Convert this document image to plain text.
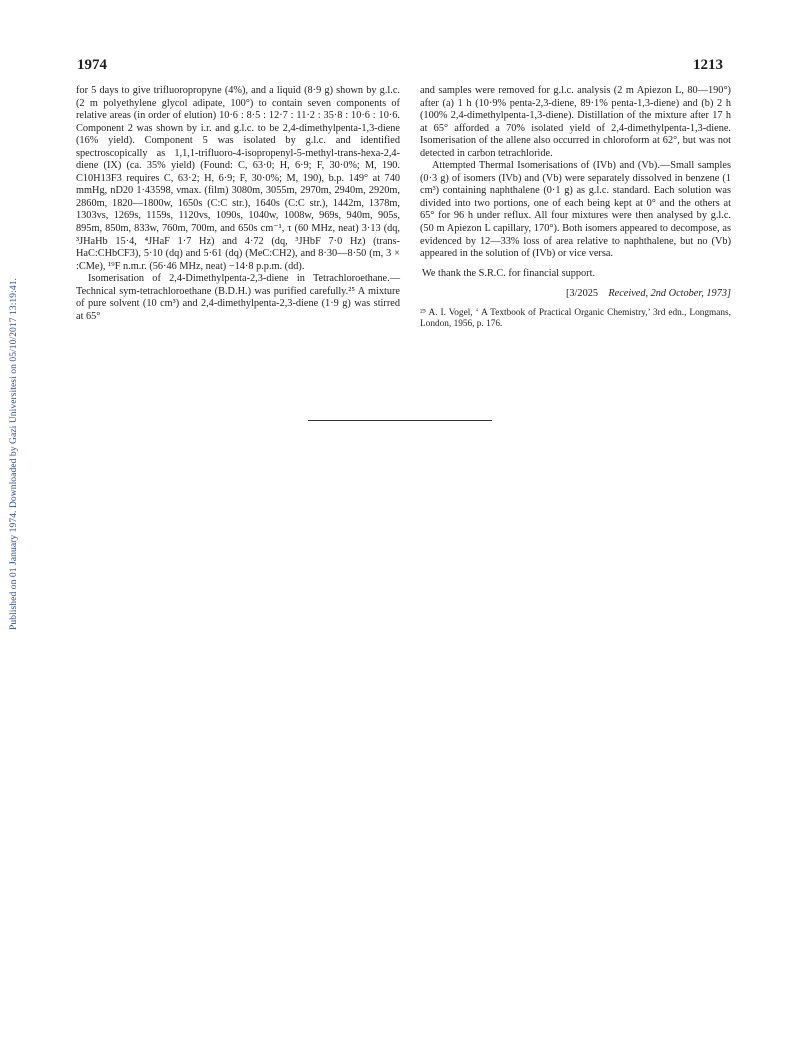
Published on 01 January 1974. Downloaded by Gazi Universitesi on 05/10/2017 13:19:41.
1974	1213

for 5 days to give trifluoropropyne (4%), and a liquid (8·9 g) shown by g.l.c. (2 m polyethylene glycol adipate, 100°) to contain seven components of relative areas (in order of elution) 10·6 : 8·5 : 12·7 : 11·2 : 35·8 : 10·6 : 10·6. Component 2 was shown by i.r. and g.l.c. to be 2,4-dimethylpenta-1,3-diene (16% yield). Component 5 was isolated by g.l.c. and identified spectroscopically as 1,1,1-trifluoro-4-isopropenyl-5-methyl-trans-hexa-2,4-diene (IX) (ca. 35% yield) (Found: C, 63·0; H, 6·9; F, 30·0%; M, 190. C10H13F3 requires C, 63·2; H, 6·9; F, 30·0%; M, 190), b.p. 149° at 740 mmHg, nD20 1·43598, νmax. (film) 3080m, 3055m, 2970m, 2940m, 2920m, 2860m, 1820—1800w, 1650s (C:C str.), 1640s (C:C str.), 1442m, 1378m, 1303vs, 1269s, 1159s, 1120vs, 1090s, 1040w, 1008w, 969s, 940m, 905s, 895m, 850m, 833w, 760m, 700m, and 650s cm⁻¹, τ (60 MHz, neat) 3·13 (dq, ³JHaHb 15·4, ⁴JHaF 1·7 Hz) and 4·72 (dq, ³JHbF 7·0 Hz) (trans-HaC:CHbCF3), 5·10 (dq) and 5·61 (dq) (MeC:CH2), and 8·30—8·50 (m, 3 × :CMe), ¹⁹F n.m.r. (56·46 MHz, neat) −14·8 p.p.m. (dd).

Isomerisation of 2,4-Dimethylpenta-2,3-diene in Tetrachloroethane.—Technical sym-tetrachloroethane (B.D.H.) was purified carefully.²⁵ A mixture of pure solvent (10 cm³) and 2,4-dimethylpenta-2,3-diene (1·9 g) was stirred at 65°

and samples were removed for g.l.c. analysis (2 m Apiezon L, 80—190°) after (a) 1 h (10·9% penta-2,3-diene, 89·1% penta-1,3-diene) and (b) 2 h (100% 2,4-dimethylpenta-1,3-diene). Distillation of the mixture after 17 h at 65° afforded a 70% isolated yield of 2,4-dimethylpenta-1,3-diene. Isomerisation of the allene also occurred in chloroform at 62°, but was not detected in carbon tetrachloride.

Attempted Thermal Isomerisations of (IVb) and (Vb).—Small samples (0·3 g) of isomers (IVb) and (Vb) were separately dissolved in benzene (1 cm³) containing naphthalene (0·1 g) as g.l.c. standard. Each solution was divided into two portions, one of each being kept at 0° and the others at 65° for 96 h under reflux. All four mixtures were then analysed by g.l.c. (50 m Apiezon L capillary, 170°). Both isomers appeared to decompose, as evidenced by 12—33% loss of area relative to naphthalene, but no (Vb) appeared in the solution of (IVb) or vice versa.

We thank the S.R.C. for financial support.

[3/2025 Received, 2nd October, 1973]

²⁵ A. I. Vogel, ‘ A Textbook of Practical Organic Chemistry,’ 3rd edn., Longmans, London, 1956, p. 176.
